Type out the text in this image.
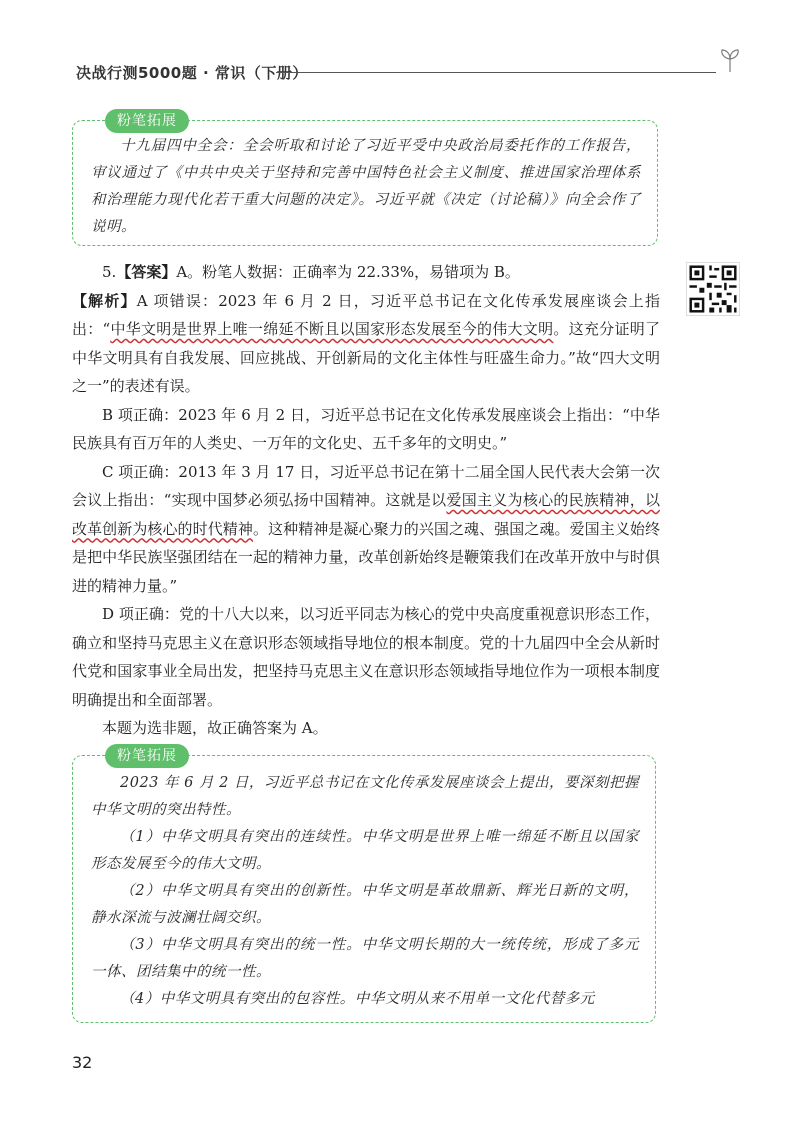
决战行测5000题 · 常识（下册）
粉笔拓展

十九届四中全会：全会听取和讨论了习近平受中央政治局委托作的工作报告，审议通过了《中共中央关于坚持和完善中国特色社会主义制度、推进国家治理体系和治理能力现代化若干重大问题的决定》。习近平就《决定（讨论稿）》向全会作了说明。

5.【答案】A。粉笔人数据：正确率为 22.33%，易错项为 B。

【解析】A 项错误：2023 年 6 月 2 日，习近平总书记在文化传承发展座谈会上指出：“中华文明是世界上唯一绵延不断且以国家形态发展至今的伟大文明。这充分证明了中华文明具有自我发展、回应挑战、开创新局的文化主体性与旺盛生命力。”故“四大文明之一”的表述有误。

B 项正确：2023 年 6 月 2 日，习近平总书记在文化传承发展座谈会上指出：“中华民族具有百万年的人类史、一万年的文化史、五千多年的文明史。”

C 项正确：2013 年 3 月 17 日，习近平总书记在第十二届全国人民代表大会第一次会议上指出：“实现中国梦必须弘扬中国精神。这就是以爱国主义为核心的民族精神，以改革创新为核心的时代精神。这种精神是凝心聚力的兴国之魂、强国之魂。爱国主义始终是把中华民族坚强团结在一起的精神力量，改革创新始终是鞭策我们在改革开放中与时俱进的精神力量。”

D 项正确：党的十八大以来，以习近平同志为核心的党中央高度重视意识形态工作，确立和坚持马克思主义在意识形态领域指导地位的根本制度。党的十九届四中全会从新时代党和国家事业全局出发，把坚持马克思主义在意识形态领域指导地位作为一项根本制度明确提出和全面部署。

本题为选非题，故正确答案为 A。

粉笔拓展

2023 年 6 月 2 日，习近平总书记在文化传承发展座谈会上提出，要深刻把握中华文明的突出特性。

（1）中华文明具有突出的连续性。中华文明是世界上唯一绵延不断且以国家形态发展至今的伟大文明。

（2）中华文明具有突出的创新性。中华文明是革故鼎新、辉光日新的文明，静水深流与波澜壮阔交织。

（3）中华文明具有突出的统一性。中华文明长期的大一统传统，形成了多元一体、团结集中的统一性。

（4）中华文明具有突出的包容性。中华文明从来不用单一文化代替多元

32
